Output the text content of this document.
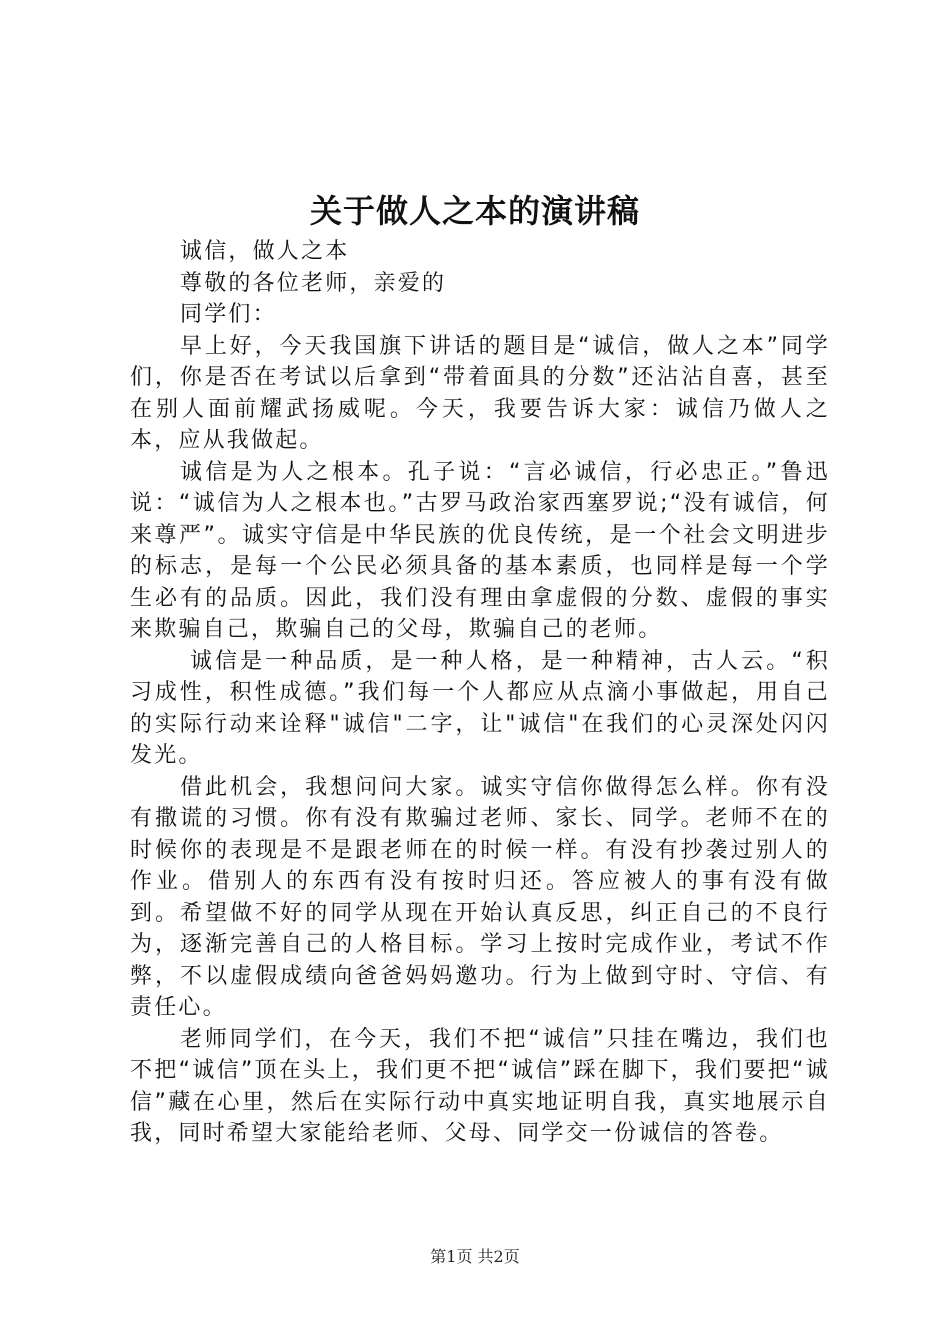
关于做人之本的演讲稿

诚信，做人之本

尊敬的各位老师，亲爱的

同学们：

早上好，今天我国旗下讲话的题目是“诚信，做人之本”同学们，你是否在考试以后拿到“带着面具的分数”还沾沾自喜，甚至在别人面前耀武扬威呢。今天，我要告诉大家：诚信乃做人之本，应从我做起。

诚信是为人之根本。孔子说：“言必诚信，行必忠正。”鲁迅说：“诚信为人之根本也。”古罗马政治家西塞罗说;“没有诚信，何来尊严”。诚实守信是中华民族的优良传统，是一个社会文明进步的标志，是每一个公民必须具备的基本素质，也同样是每一个学生必有的品质。因此，我们没有理由拿虚假的分数、虚假的事实来欺骗自己，欺骗自己的父母，欺骗自己的老师。

诚信是一种品质，是一种人格，是一种精神，古人云。“积习成性，积性成德。”我们每一个人都应从点滴小事做起，用自己的实际行动来诠释"诚信"二字，让"诚信"在我们的心灵深处闪闪发光。

借此机会，我想问问大家。诚实守信你做得怎么样。你有没有撒谎的习惯。你有没有欺骗过老师、家长、同学。老师不在的时候你的表现是不是跟老师在的时候一样。有没有抄袭过别人的作业。借别人的东西有没有按时归还。答应被人的事有没有做到。希望做不好的同学从现在开始认真反思，纠正自己的不良行为，逐渐完善自己的人格目标。学习上按时完成作业，考试不作弊，不以虚假成绩向爸爸妈妈邀功。行为上做到守时、守信、有责任心。

老师同学们，在今天，我们不把“诚信”只挂在嘴边，我们也不把“诚信”顶在头上，我们更不把“诚信”踩在脚下，我们要把“诚信”藏在心里，然后在实际行动中真实地证明自我，真实地展示自我，同时希望大家能给老师、父母、同学交一份诚信的答卷。

第1页 共2页
